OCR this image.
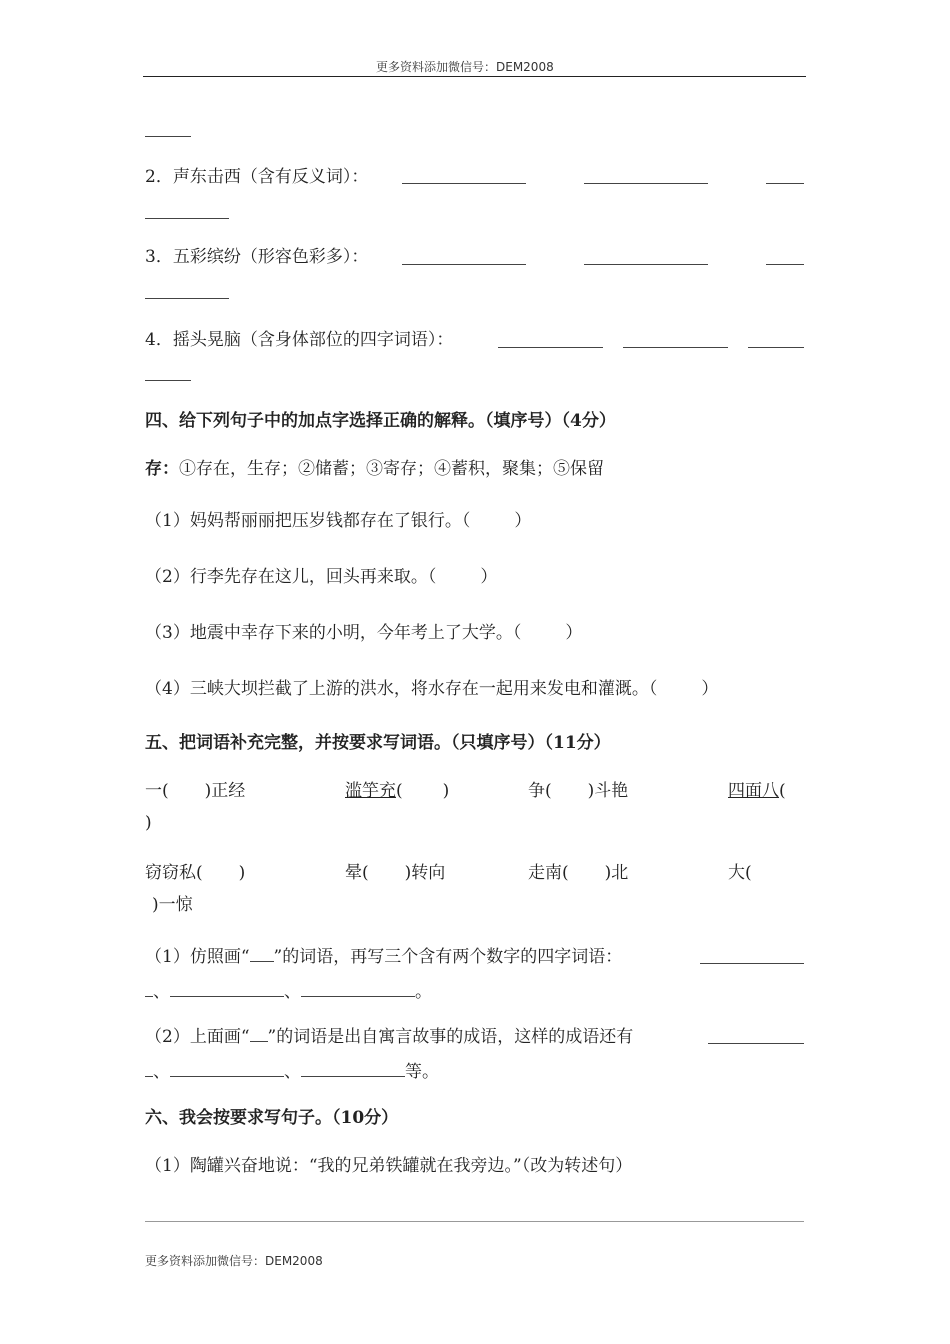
更多资料添加微信号：DEM2008
2．声东击西（含有反义词）：
3．五彩缤纷（形容色彩多）：
4．摇头晃脑（含身体部位的四字词语）：
四、给下列句子中的加点字选择正确的解释。（填序号）（4分）
存：①存在，生存；②储蓄；③寄存；④蓄积，聚集；⑤保留
（1）妈妈帮丽丽把压岁钱都存在了银行。（	）
（2）行李先存在这儿，回头再来取。（	）
（3）地震中幸存下来的小明，今年考上了大学。（	）
（4）三峡大坝拦截了上游的洪水，将水存在一起用来发电和灌溉。（	）
五、把词语补充完整，并按要求写词语。（只填序号）（11分）
一( )正经	滥竽充( )	争( )斗艳	四面八(
)
窃窃私( )	晕( )转向	走南( )北	大(
)一惊
（1）仿照画“ ”的词语，再写三个含有两个数字的四字词语：
、	、	。
（2）上面画“ ”的词语是出自寓言故事的成语，这样的成语还有
、	、	等。
六、我会按要求写句子。（10分）
（1）陶罐兴奋地说：“我的兄弟铁罐就在我旁边。”（改为转述句）
更多资料添加微信号：DEM2008
